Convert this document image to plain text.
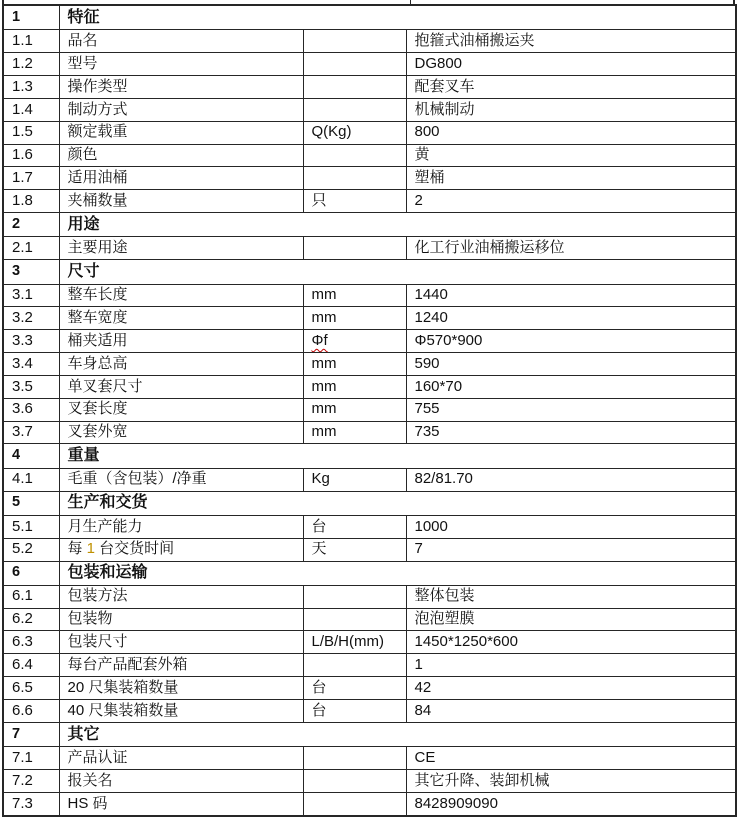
1	特征		
1.1	品名		抱箍式油桶搬运夹
1.2	型号		DG800
1.3	操作类型		配套叉车
1.4	制动方式		机械制动
1.5	额定载重	Q(Kg)	800
1.6	颜色		黄
1.7	适用油桶		塑桶
1.8	夹桶数量	只	2
2	用途		
2.1	主要用途		化工行业油桶搬运移位
3	尺寸		
3.1	整车长度	mm	1440
3.2	整车宽度	mm	1240
3.3	桶夹适用	Φf	Φ570*900
3.4	车身总高	mm	590
3.5	单叉套尺寸	mm	160*70
3.6	叉套长度	mm	755
3.7	叉套外宽	mm	735
4	重量		
4.1	毛重（含包装）/净重	Kg	82/81.70
5	生产和交货		
5.1	月生产能力	台	1000
5.2	每 1 台交货时间	天	7
6	包装和运输		
6.1	包装方法		整体包装
6.2	包装物		泡泡塑膜
6.3	包装尺寸	L/B/H(mm)	1450*1250*600
6.4	每台产品配套外箱		1
6.5	20 尺集装箱数量	台	42
6.6	40 尺集装箱数量	台	84
7	其它		
7.1	产品认证		CE
7.2	报关名		其它升降、装卸机械
7.3	HS 码		8428909090
